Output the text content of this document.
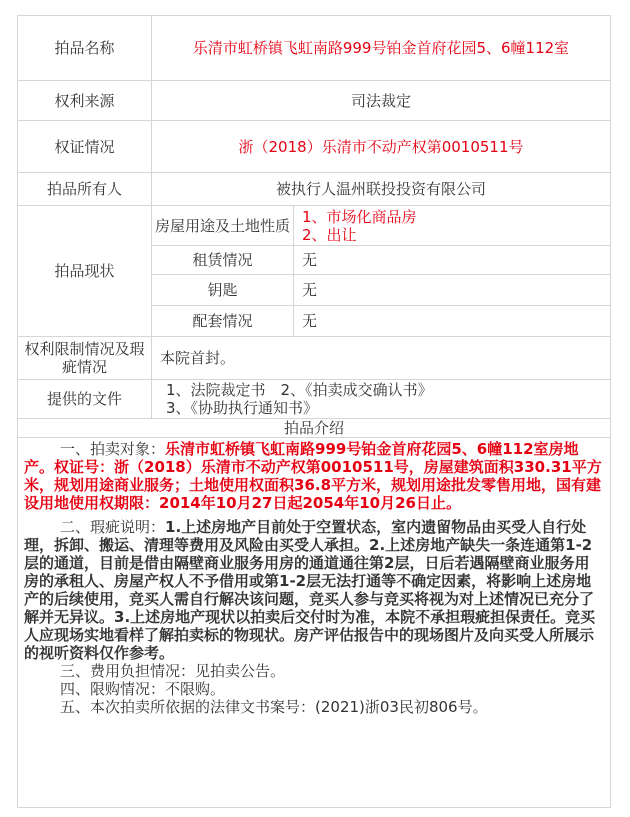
拍品名称	乐清市虹桥镇飞虹南路999号铂金首府花园5、6幢112室	
权利来源	司法裁定	
权证情况	浙（2018）乐清市不动产权第0010511号	
拍品所有人	被执行人温州联投投资有限公司	
拍品现状	房屋用途及土地性质	1、市场化商品房
2、出让
	租赁情况	无
	钥匙	无
	配套情况	无
权利限制情况及瑕疵情况	本院首封。	
提供的文件	1、法院裁定书　2、《拍卖成交确认书》
3、《协助执行通知书》	

拍品介绍		

一、拍卖对象：乐清市虹桥镇飞虹南路999号铂金首府花园5、6幢112室房地产。权证号：浙（2018）乐清市不动产权第0010511号，房屋建筑面积330.31平方米，规划用途商业服务；土地使用权面积36.8平方米，规划用途批发零售用地，国有建设用地使用权期限：2014年10月27日起2054年10月26日止。

二、瑕疵说明：1.上述房地产目前处于空置状态，室内遗留物品由买受人自行处理，拆卸、搬运、清理等费用及风险由买受人承担。2.上述房地产缺失一条连通第1-2层的通道，目前是借由隔壁商业服务用房的通道通往第2层，日后若遇隔壁商业服务用房的承租人、房屋产权人不予借用或第1-2层无法打通等不确定因素，将影响上述房地产的后续使用，竞买人需自行解决该问题，竞买人参与竞买将视为对上述情况已充分了解并无异议。3.上述房地产现状以拍卖后交付时为准，本院不承担瑕疵担保责任。竞买人应现场实地看样了解拍卖标的物现状。房产评估报告中的现场图片及向买受人所展示的视听资料仅作参考。

三、费用负担情况：见拍卖公告。

四、限购情况：不限购。

五、本次拍卖所依据的法律文书案号：(2021)浙03民初806号。		
